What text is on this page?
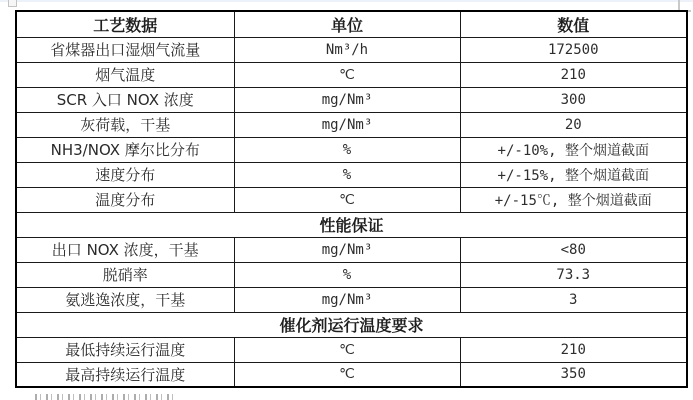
工艺数据	单位	数值
省煤器出口湿烟气流量	Nm³/h	172500
烟气温度	℃	210
SCR 入口 NOX 浓度	mg/Nm³	300
灰荷载，干基	mg/Nm³	20
NH3/NOX 摩尔比分布	%	+/-10%, 整个烟道截面
速度分布	%	+/-15%, 整个烟道截面
温度分布	℃	+/-15℃, 整个烟道截面
性能保证		
出口 NOX 浓度，干基	mg/Nm³	<80
脱硝率	%	73.3
氨逃逸浓度，干基	mg/Nm³	3
催化剂运行温度要求		
最低持续运行温度	℃	210
最高持续运行温度	℃	350
